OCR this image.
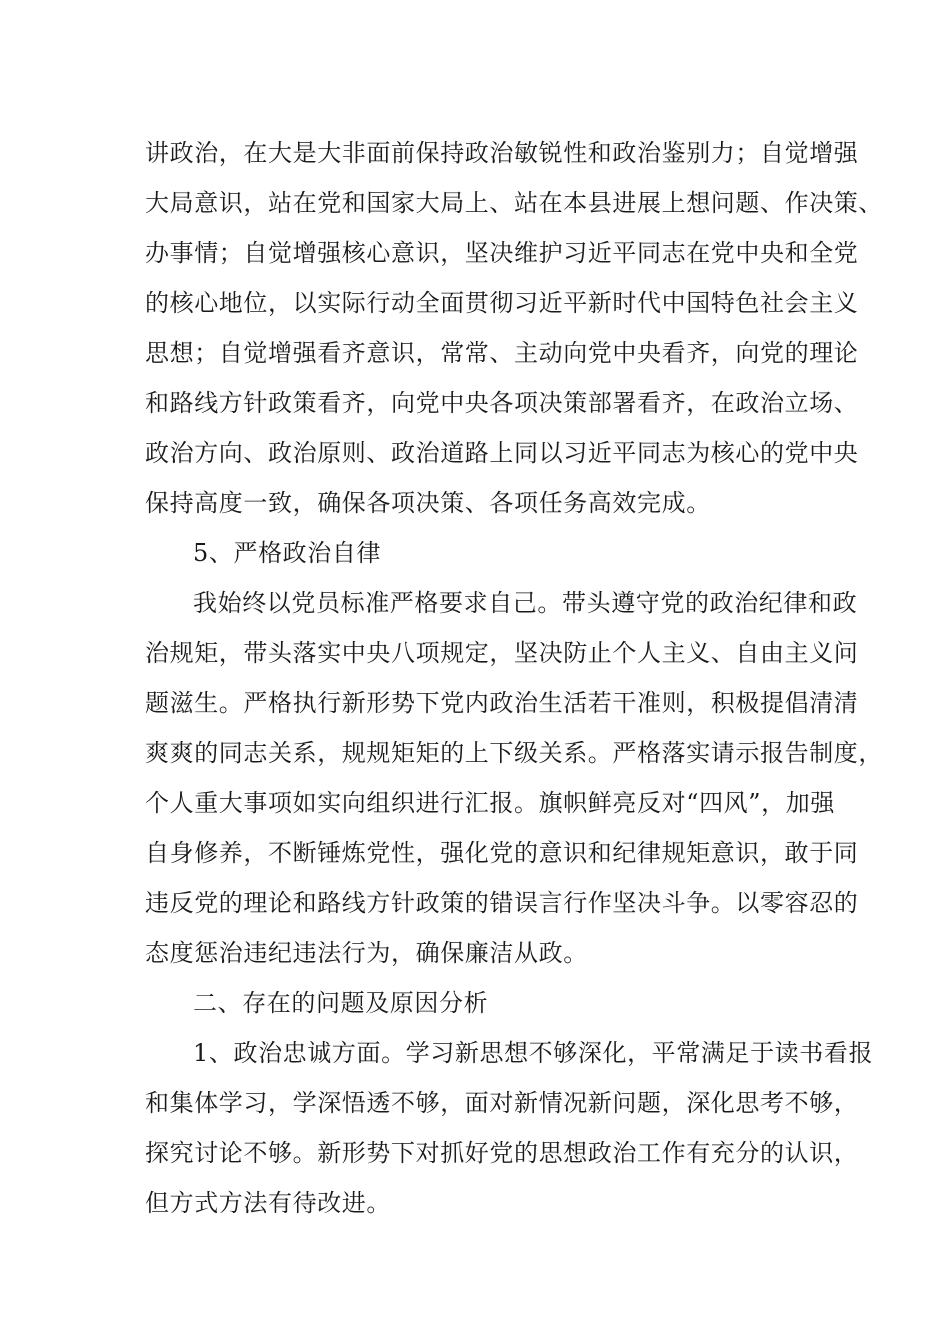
讲政治，在大是大非面前保持政治敏锐性和政治鉴别力；自觉增强
大局意识，站在党和国家大局上、站在本县进展上想问题、作决策、
办事情；自觉增强核心意识，坚决维护习近平同志在党中央和全党
的核心地位，以实际行动全面贯彻习近平新时代中国特色社会主义
思想；自觉增强看齐意识，常常、主动向党中央看齐，向党的理论
和路线方针政策看齐，向党中央各项决策部署看齐，在政治立场、
政治方向、政治原则、政治道路上同以习近平同志为核心的党中央
保持高度一致，确保各项决策、各项任务高效完成。
5、严格政治自律
我始终以党员标准严格要求自己。带头遵守党的政治纪律和政
治规矩，带头落实中央八项规定，坚决防止个人主义、自由主义问
题滋生。严格执行新形势下党内政治生活若干准则，积极提倡清清
爽爽的同志关系，规规矩矩的上下级关系。严格落实请示报告制度，
个人重大事项如实向组织进行汇报。旗帜鲜亮反对“四风”，加强
自身修养，不断锤炼党性，强化党的意识和纪律规矩意识，敢于同
违反党的理论和路线方针政策的错误言行作坚决斗争。以零容忍的
态度惩治违纪违法行为，确保廉洁从政。
二、存在的问题及原因分析
1、政治忠诚方面。学习新思想不够深化，平常满足于读书看报
和集体学习，学深悟透不够，面对新情况新问题，深化思考不够，
探究讨论不够。新形势下对抓好党的思想政治工作有充分的认识，
但方式方法有待改进。
